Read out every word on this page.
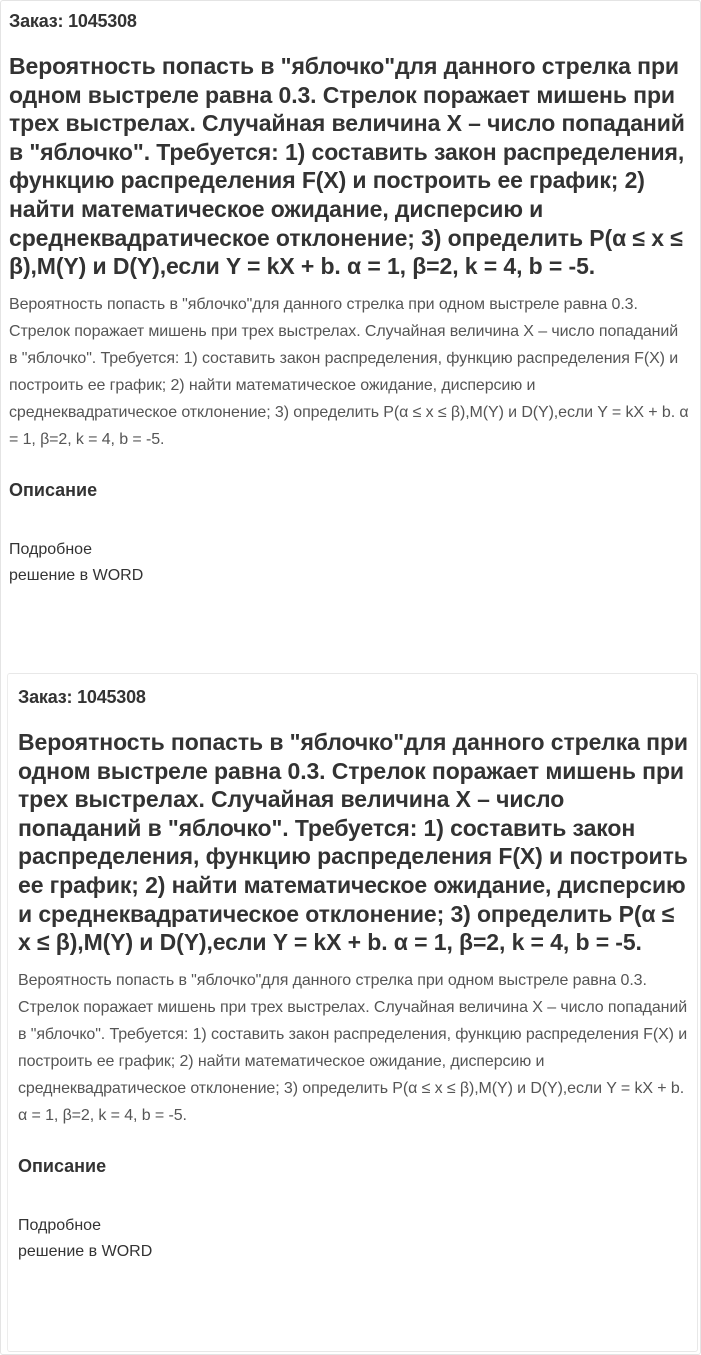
Заказ: 1045308
Вероятность попасть в "яблочко"для данного стрелка при одном выстреле равна 0.3. Стрелок поражает мишень при трех выстрелах. Случайная величина X – число попаданий в "яблочко". Требуется: 1) составить закон распределения, функцию распределения F(X) и построить ее график; 2) найти математическое ожидание, дисперсию и среднеквадратическое отклонение; 3) определить P(α ≤ x ≤ β),M(Y) и D(Y),если Y = kX + b. α = 1, β=2, k = 4, b = -5.

Вероятность попасть в "яблочко"для данного стрелка при одном выстреле равна 0.3. Стрелок поражает мишень при трех выстрелах. Случайная величина X – число попаданий в "яблочко". Требуется: 1) составить закон распределения, функцию распределения F(X) и построить ее график; 2) найти математическое ожидание, дисперсию и среднеквадратическое отклонение; 3) определить P(α ≤ x ≤ β),M(Y) и D(Y),если Y = kX + b. α = 1, β=2, k = 4, b = -5.

Описание

Подробное решение в WORD

Заказ: 1045308
Вероятность попасть в "яблочко"для данного стрелка при одном выстреле равна 0.3. Стрелок поражает мишень при трех выстрелах. Случайная величина X – число попаданий в "яблочко". Требуется: 1) составить закон распределения, функцию распределения F(X) и построить ее график; 2) найти математическое ожидание, дисперсию и среднеквадратическое отклонение; 3) определить P(α ≤ x ≤ β),M(Y) и D(Y),если Y = kX + b. α = 1, β=2, k = 4, b = -5.

Вероятность попасть в "яблочко"для данного стрелка при одном выстреле равна 0.3. Стрелок поражает мишень при трех выстрелах. Случайная величина X – число попаданий в "яблочко". Требуется: 1) составить закон распределения, функцию распределения F(X) и построить ее график; 2) найти математическое ожидание, дисперсию и среднеквадратическое отклонение; 3) определить P(α ≤ x ≤ β),M(Y) и D(Y),если Y = kX + b. α = 1, β=2, k = 4, b = -5.

Описание

Подробное решение в WORD
